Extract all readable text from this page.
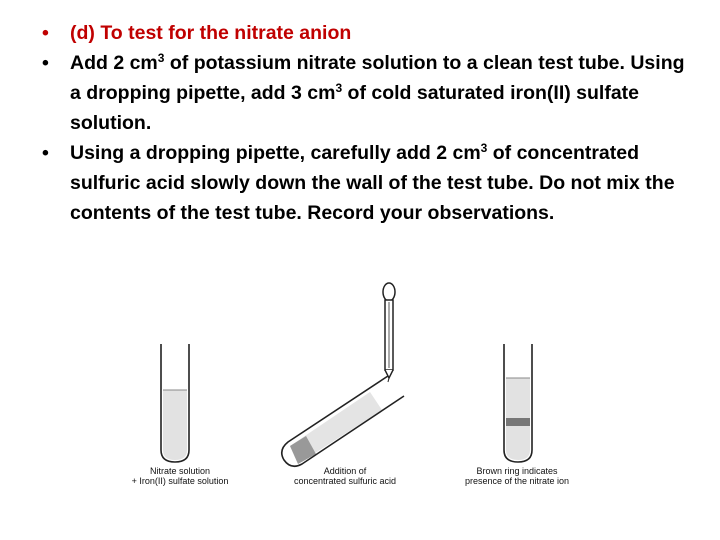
• (d) To test for the nitrate anion
• Add 2 $cm^3$ of potassium nitrate solution to a clean test tube. Using a dropping pipette, add 3 $cm^3$ of cold saturated iron(II) sulfate solution.
• Using a dropping pipette, carefully add 2 $cm^3$ of concentrated sulfuric acid slowly down the wall of the test tube. Do not mix the contents of the test tube. Record your observations.
Nitrate solution
+ Iron(II) sulfate solution
Addition of
concentrated sulfuric acid
Brown ring indicates
presence of the nitrate ion
